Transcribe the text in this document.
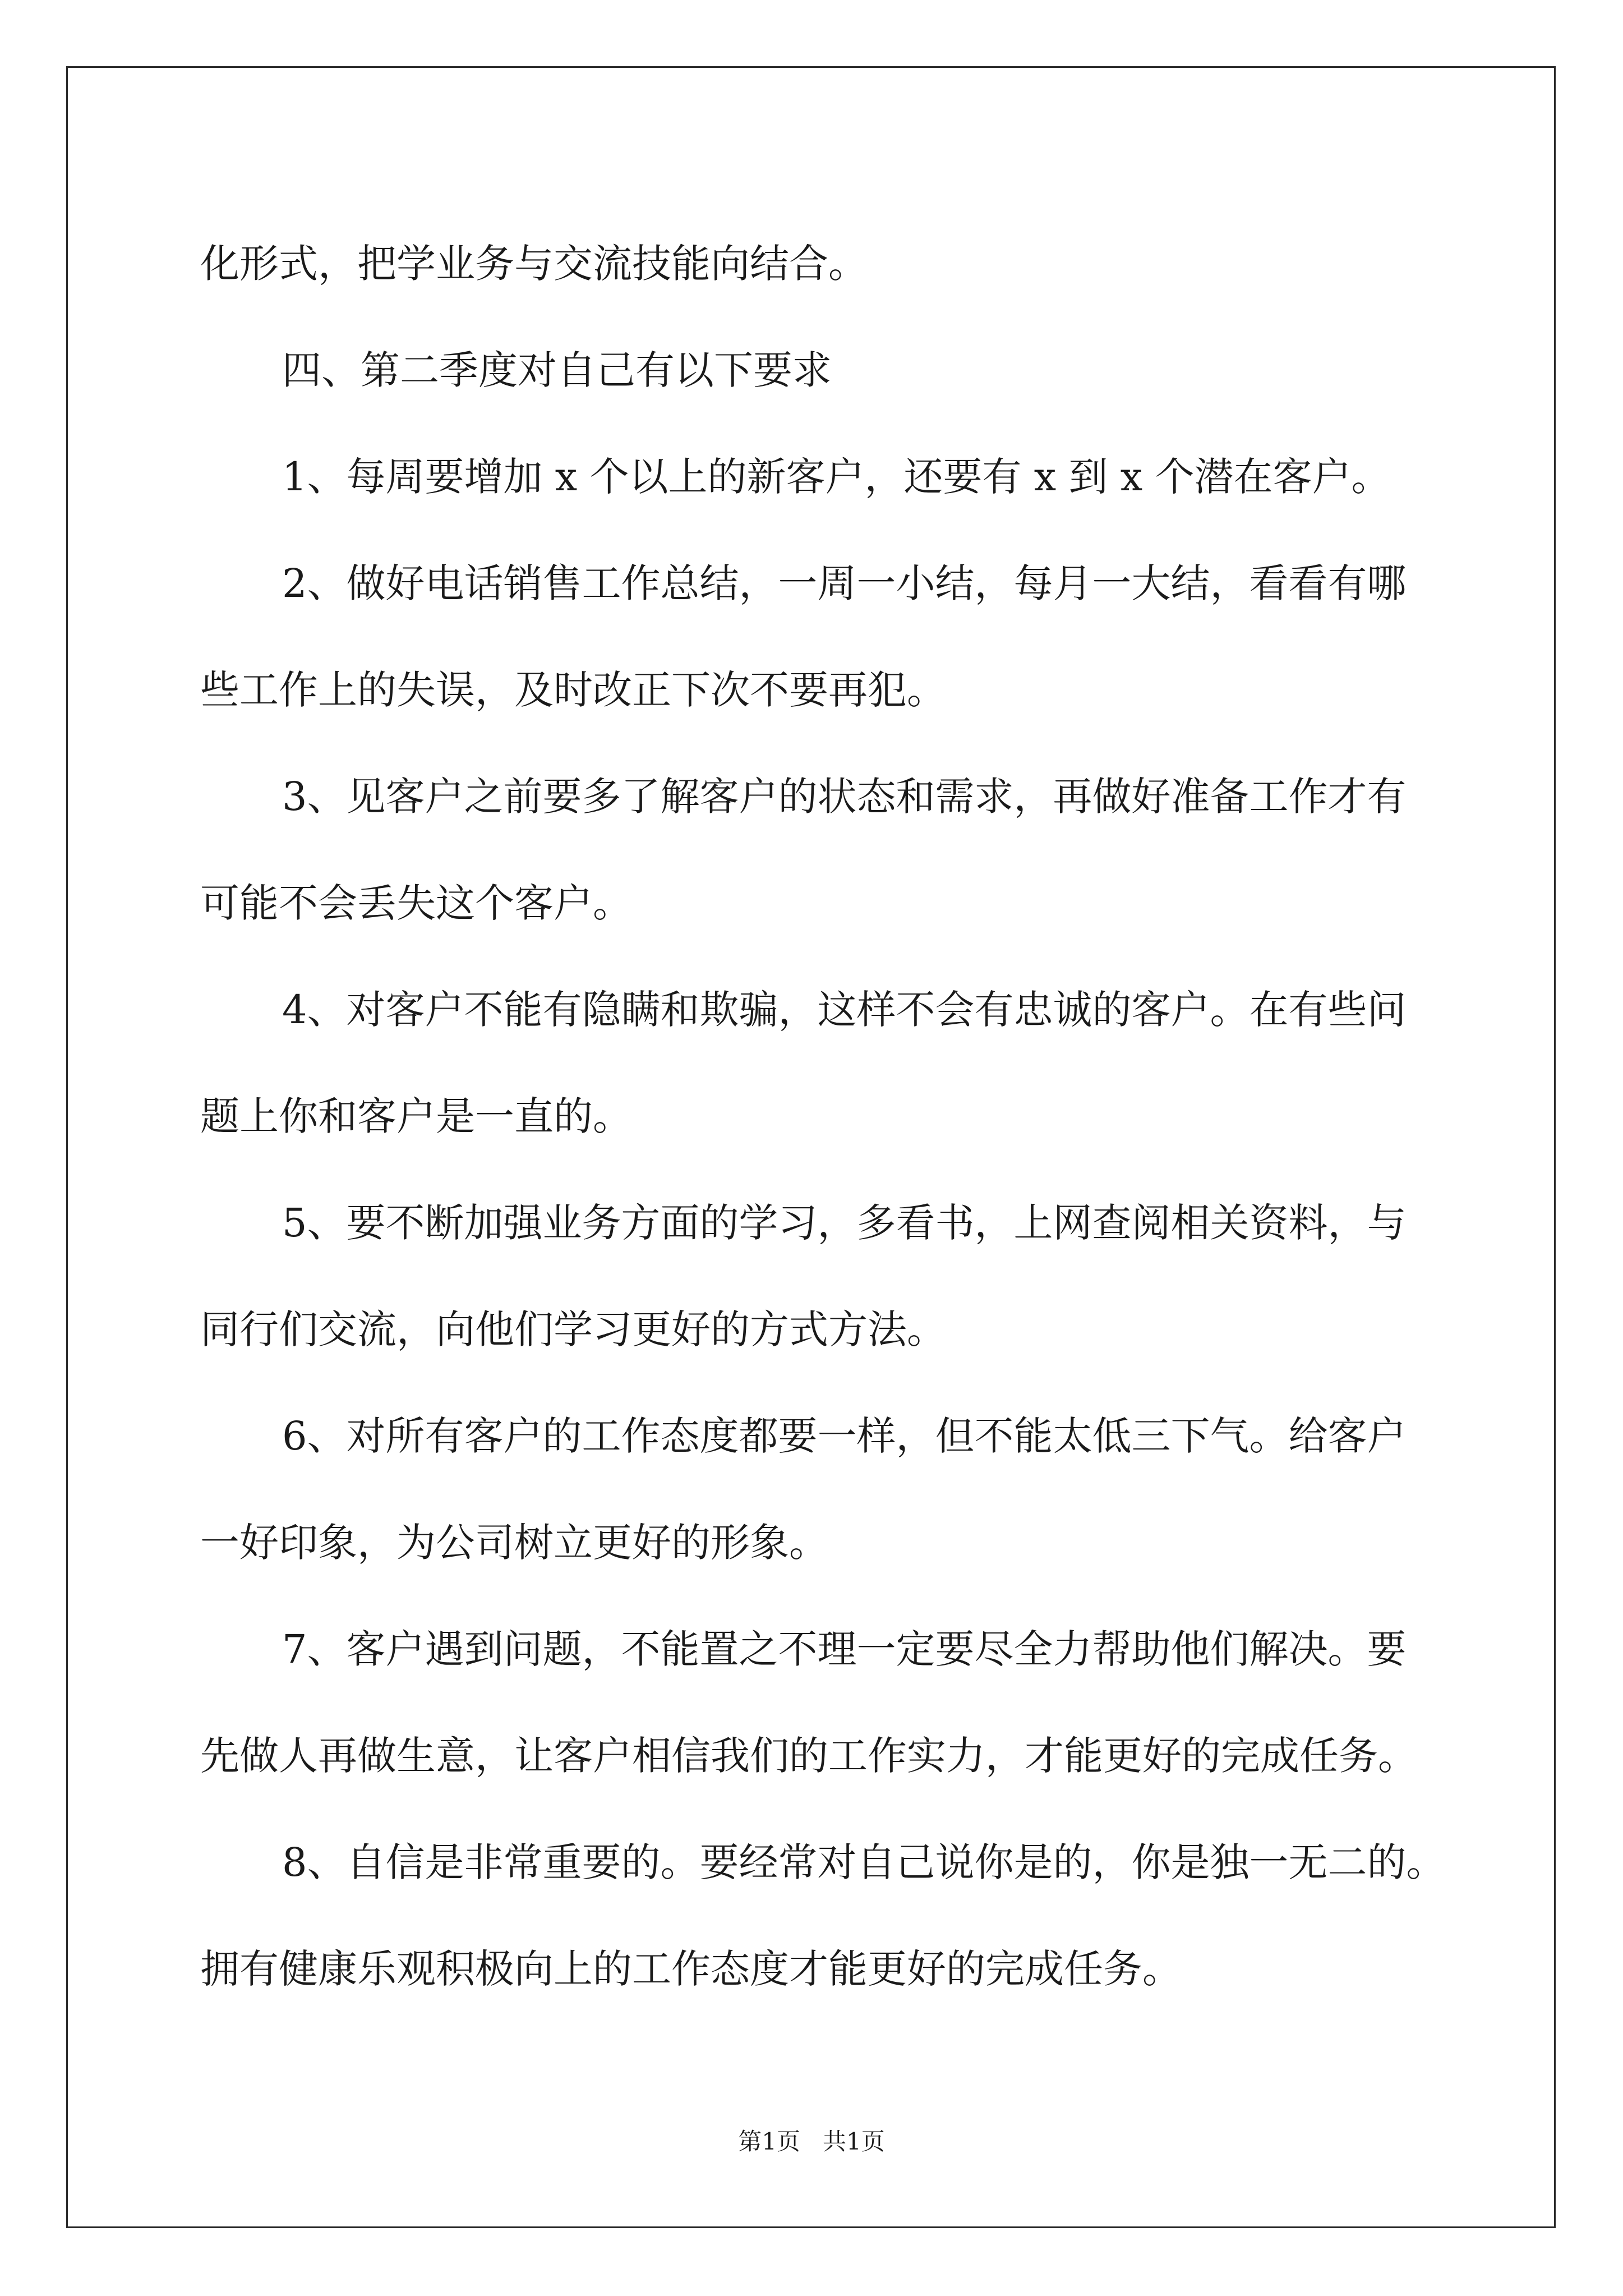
化形式，把学业务与交流技能向结合。

四、第二季度对自己有以下要求

1、每周要增加 x 个以上的新客户，还要有 x 到 x 个潜在客户。

2、做好电话销售工作总结，一周一小结，每月一大结，看看有哪

些工作上的失误，及时改正下次不要再犯。

3、见客户之前要多了解客户的状态和需求，再做好准备工作才有

可能不会丢失这个客户。

4、对客户不能有隐瞒和欺骗，这样不会有忠诚的客户。在有些问

题上你和客户是一直的。

5、要不断加强业务方面的学习，多看书，上网查阅相关资料，与

同行们交流，向他们学习更好的方式方法。

6、对所有客户的工作态度都要一样，但不能太低三下气。给客户

一好印象，为公司树立更好的形象。

7、客户遇到问题，不能置之不理一定要尽全力帮助他们解决。要

先做人再做生意，让客户相信我们的工作实力，才能更好的完成任务。

8、自信是非常重要的。要经常对自己说你是的，你是独一无二的。

拥有健康乐观积极向上的工作态度才能更好的完成任务。

第1页   共1页
